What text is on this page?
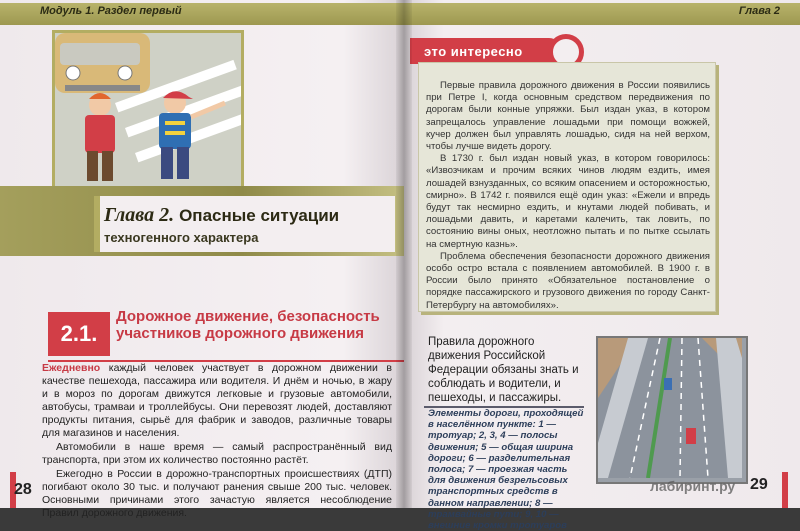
Модуль 1. Раздел первый	Глава 2
Глава 2. Опасные ситуации
техногенного характера
2.1.
Дорожное движение, безопасность участников дорожного движения

Ежедневно каждый человек участвует в дорожном движении в качестве пешехода, пассажира или водителя. И днём и ночью, в жару и в мороз по дорогам движутся легковые и грузовые автомобили, автобусы, трамваи и троллейбусы. Они перевозят людей, доставляют продукты питания, сырьё для фабрик и заводов, различные товары для магазинов и населения.

Автомобили в наше время — самый распространённый вид транспорта, при этом их количество постоянно растёт.

Ежегодно в России в дорожно-транспортных происшествиях (ДТП) погибают около 30 тыс. и получают ранения свыше 200 тыс. человек. Основными причинами этого зачастую является несоблюдение Правил дорожного движения.

28
это интересно

Первые правила дорожного движения в России появились при Петре I, когда основным средством передвижения по дорогам были конные упряжки. Был издан указ, в котором запрещалось управление лошадьми при помощи вожжей, кучер должен был управлять лошадью, сидя на ней верхом, чтобы лучше видеть дорогу.

В 1730 г. был издан новый указ, в котором говорилось: «Извозчикам и прочим всяких чинов людям ездить, имея лошадей взнузданных, со всяким опасением и осторожностью, смирно». В 1742 г. появился ещё один указ: «Ежели и впредь будут так несмирно ездить, и кнутами людей побивать, и лошадьми давить, и каретами калечить, так ловить, по состоянию вины оных, неотложно пытать и по пытке ссылать на смертную казнь».

Проблема обеспечения безопасности дорожного движения особо остро встала с появлением автомобилей. В 1900 г. в России было принято «Обязательное постановление о порядке пассажирского и грузового движения по городу Санкт-Петербургу на автомобилях».

Правила дорожного движения Российской Федерации обязаны знать и соблюдать и водители, и пешеходы, и пассажиры.
Элементы дороги, проходящей в населённом пункте: 1 — тротуар; 2, 3, 4 — полосы движения; 5 — общая ширина дороги; 6 — разделительная полоса; 7 — проезжая часть для движения безрельсовых транспортных средств в данном направлении; 8 — трамвайные пути; 9, 10 — внешние кромки тротуаров
лабиринт.ру 29
